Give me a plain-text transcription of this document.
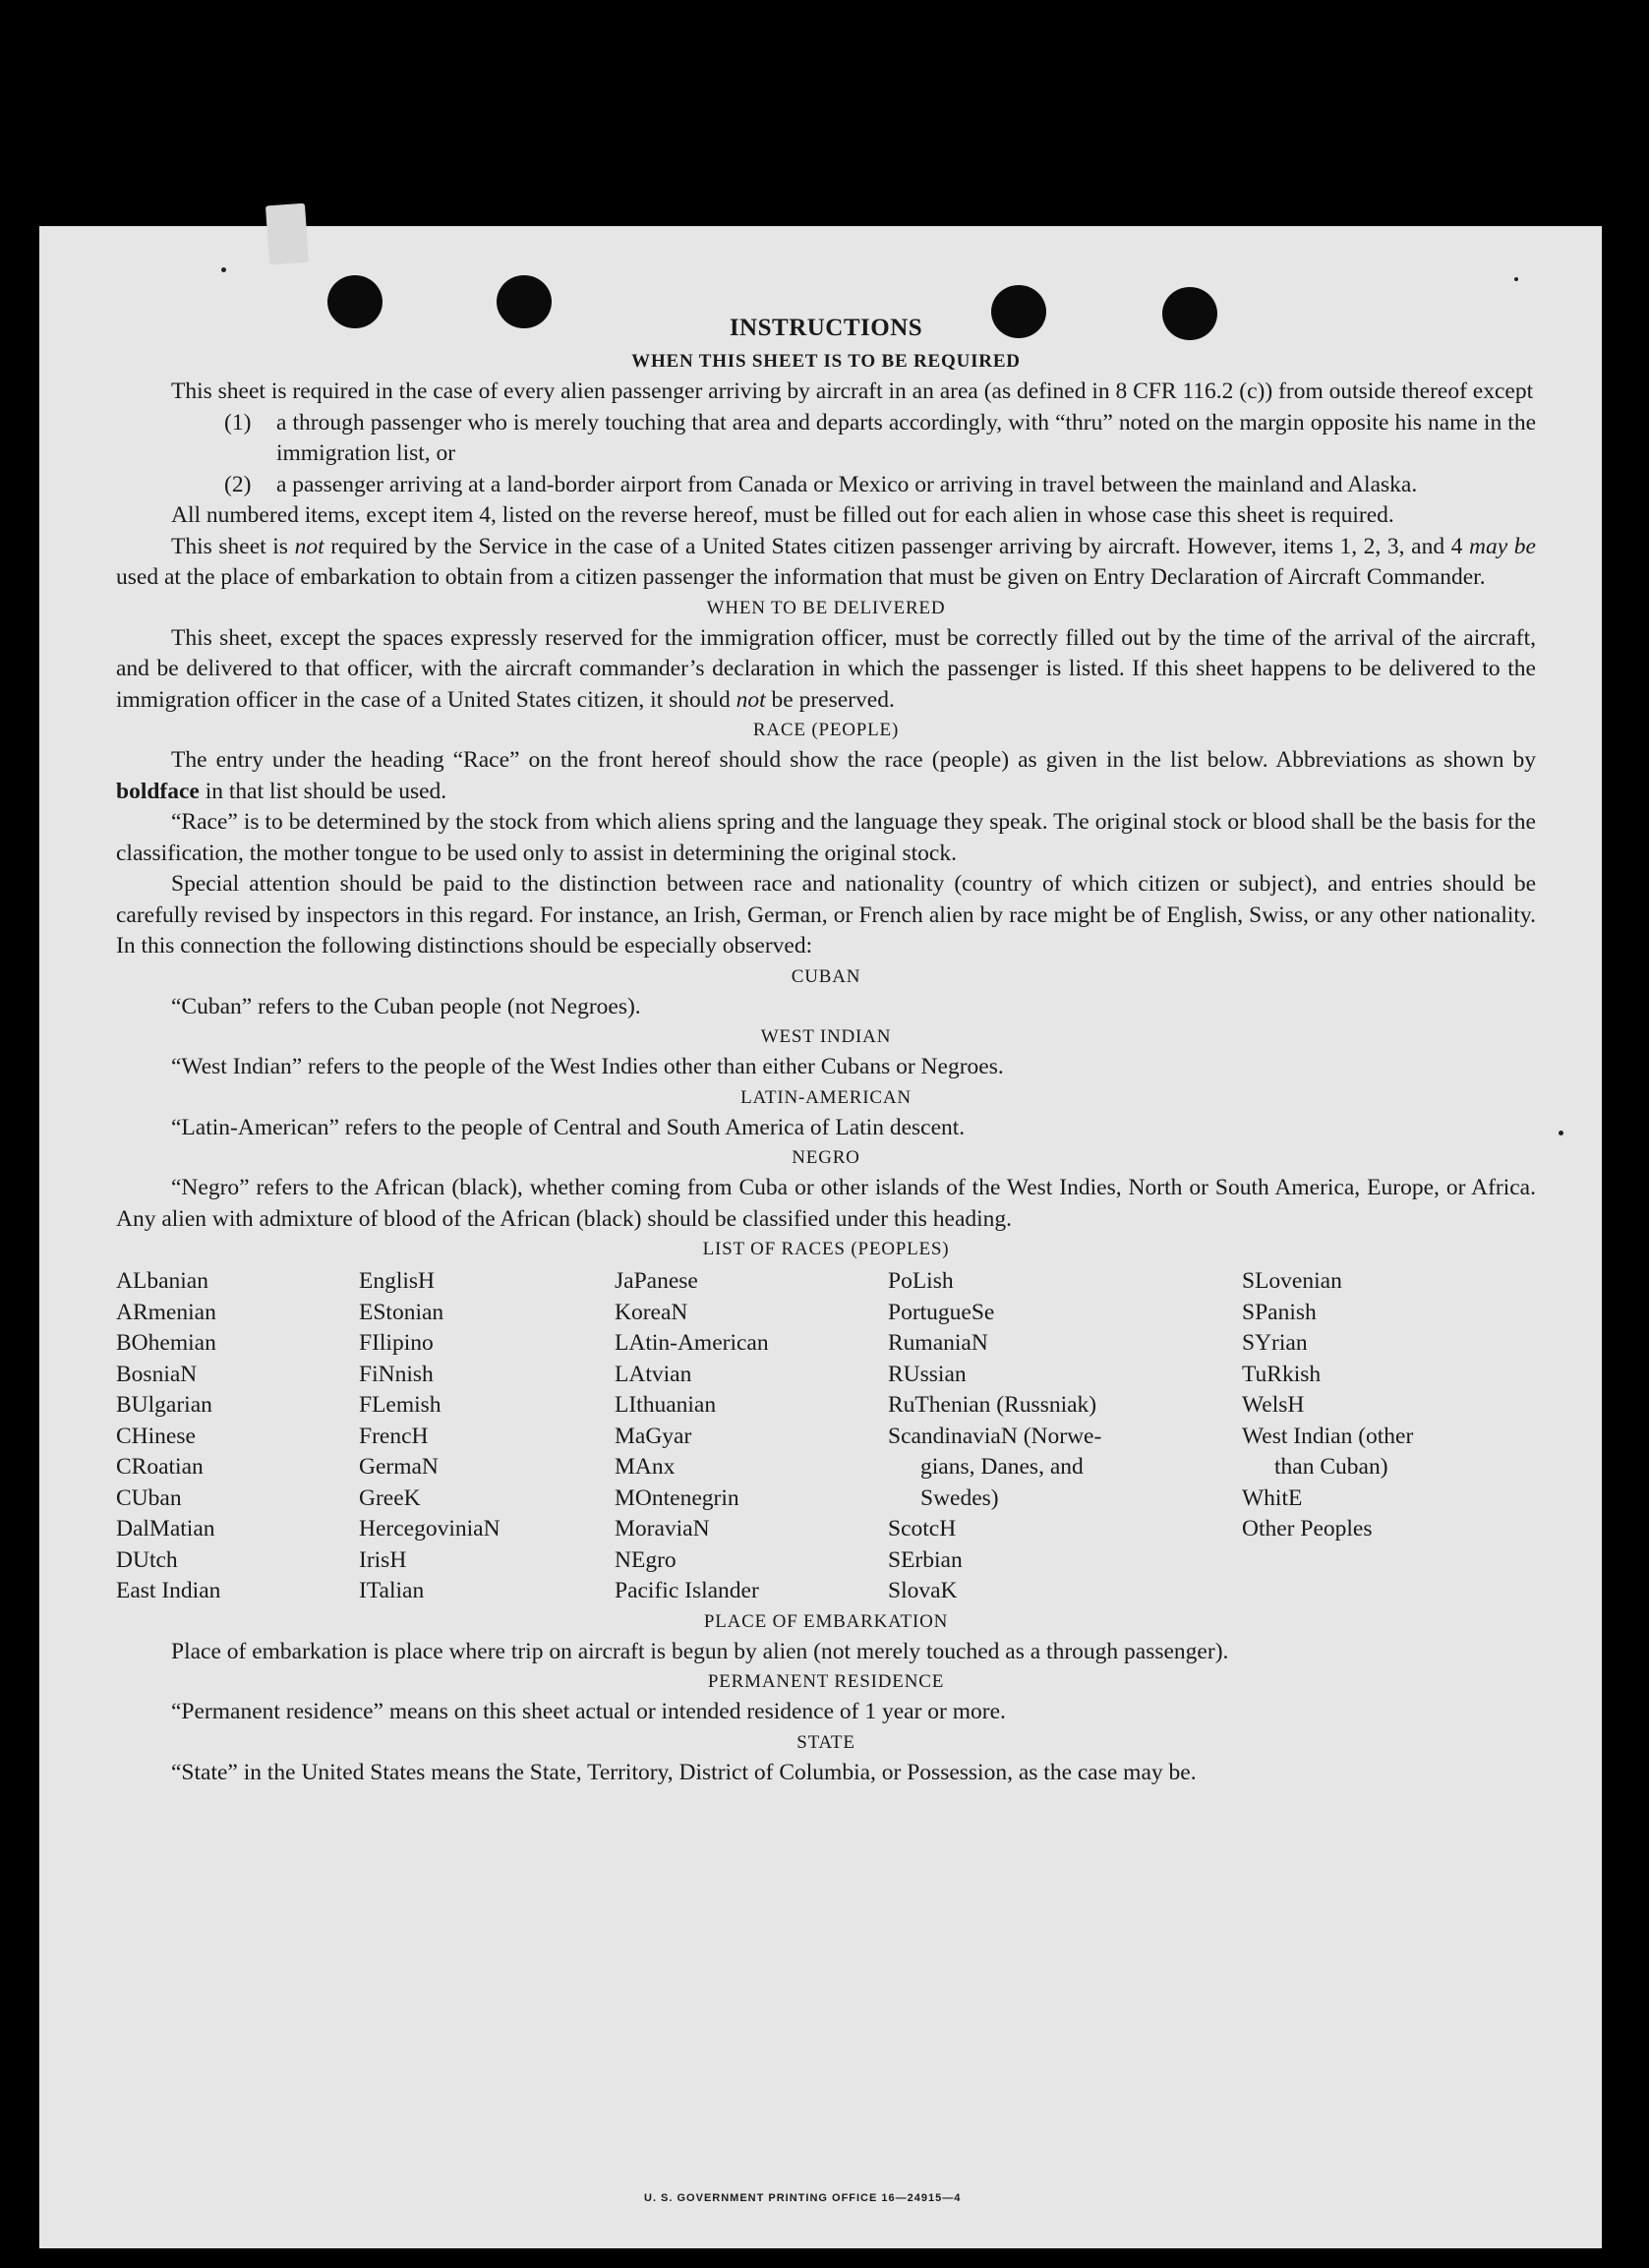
INSTRUCTIONS
WHEN THIS SHEET IS TO BE REQUIRED

This sheet is required in the case of every alien passenger arriving by aircraft in an area (as defined in 8 CFR 116.2 (c)) from outside thereof except

(1)	a through passenger who is merely touching that area and departs accordingly, with “thru” noted on the margin opposite his name in the immigration list, or
(2)	a passenger arriving at a land-border airport from Canada or Mexico or arriving in travel between the mainland and Alaska.

All numbered items, except item 4, listed on the reverse hereof, must be filled out for each alien in whose case this sheet is required.

This sheet is not required by the Service in the case of a United States citizen passenger arriving by aircraft. However, items 1, 2, 3, and 4 may be used at the place of embarkation to obtain from a citizen passenger the information that must be given on Entry Declaration of Aircraft Commander.

WHEN TO BE DELIVERED

This sheet, except the spaces expressly reserved for the immigration officer, must be correctly filled out by the time of the arrival of the aircraft, and be delivered to that officer, with the aircraft commander’s declaration in which the passenger is listed. If this sheet happens to be delivered to the immigration officer in the case of a United States citizen, it should not be preserved.

RACE (PEOPLE)

The entry under the heading “Race” on the front hereof should show the race (people) as given in the list below. Abbreviations as shown by boldface in that list should be used.

“Race” is to be determined by the stock from which aliens spring and the language they speak. The original stock or blood shall be the basis for the classification, the mother tongue to be used only to assist in determining the original stock.

Special attention should be paid to the distinction between race and nationality (country of which citizen or subject), and entries should be carefully revised by inspectors in this regard. For instance, an Irish, German, or French alien by race might be of English, Swiss, or any other nationality. In this connection the following distinctions should be especially observed:

CUBAN

“Cuban” refers to the Cuban people (not Negroes).

WEST INDIAN

“West Indian” refers to the people of the West Indies other than either Cubans or Negroes.

LATIN-AMERICAN

“Latin-American” refers to the people of Central and South America of Latin descent.

NEGRO

“Negro” refers to the African (black), whether coming from Cuba or other islands of the West Indies, North or South America, Europe, or Africa. Any alien with admixture of blood of the African (black) should be classified under this heading.

LIST OF RACES (PEOPLES)
ALbanian
ARmenian
BOhemian
BosniaN
BUlgarian
CHinese
CRoatian
CUban
DalMatian
DUtch
East Indian
EnglisH
EStonian
FIlipino
FiNnish
FLemish
FrencH
GermaN
GreeK
HercegoviniaN
IrisH
ITalian
JaPanese
KoreaN
LAtin-American
LAtvian
LIthuanian
MaGyar
MAnx
MOntenegrin
MoraviaN
NEgro
Pacific Islander
PoLish
PortugueSe
RumaniaN
RUssian
RuThenian (Russniak)
ScandinaviaN (Norwe-
gians, Danes, and
Swedes)
ScotcH
SErbian
SlovaK
SLovenian
SPanish
SYrian
TuRkish
WelsH
West Indian (other
than Cuban)
WhitE
Other Peoples
PLACE OF EMBARKATION

Place of embarkation is place where trip on aircraft is begun by alien (not merely touched as a through passenger).

PERMANENT RESIDENCE

“Permanent residence” means on this sheet actual or intended residence of 1 year or more.

STATE

“State” in the United States means the State, Territory, District of Columbia, or Possession, as the case may be.

U. S. GOVERNMENT PRINTING OFFICE 16—24915—4
